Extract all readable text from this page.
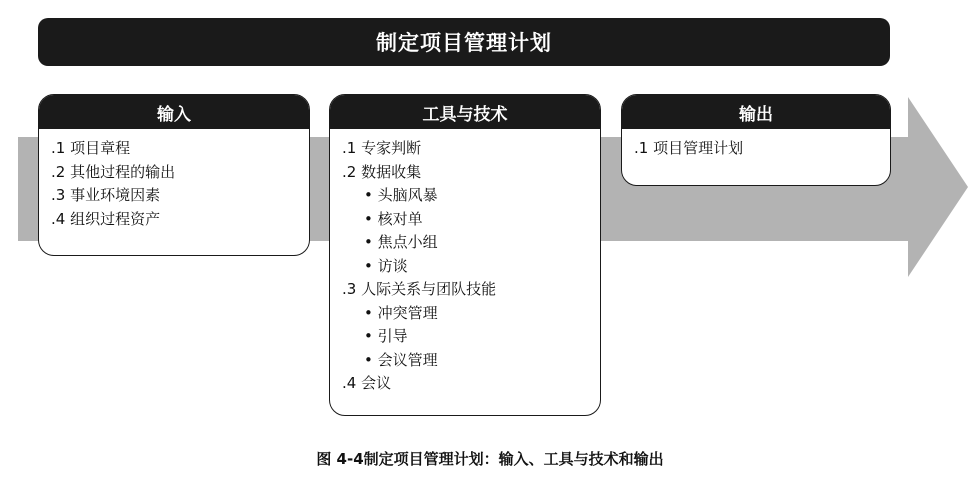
制定项目管理计划
输入
.1 项目章程
.2 其他过程的输出
.3 事业环境因素
.4 组织过程资产
工具与技术
.1 专家判断
.2 数据收集
• 头脑风暴
• 核对单
• 焦点小组
• 访谈
.3 人际关系与团队技能
• 冲突管理
• 引导
• 会议管理
.4 会议
输出
.1 项目管理计划
图 4-4制定项目管理计划：输入、工具与技术和输出
